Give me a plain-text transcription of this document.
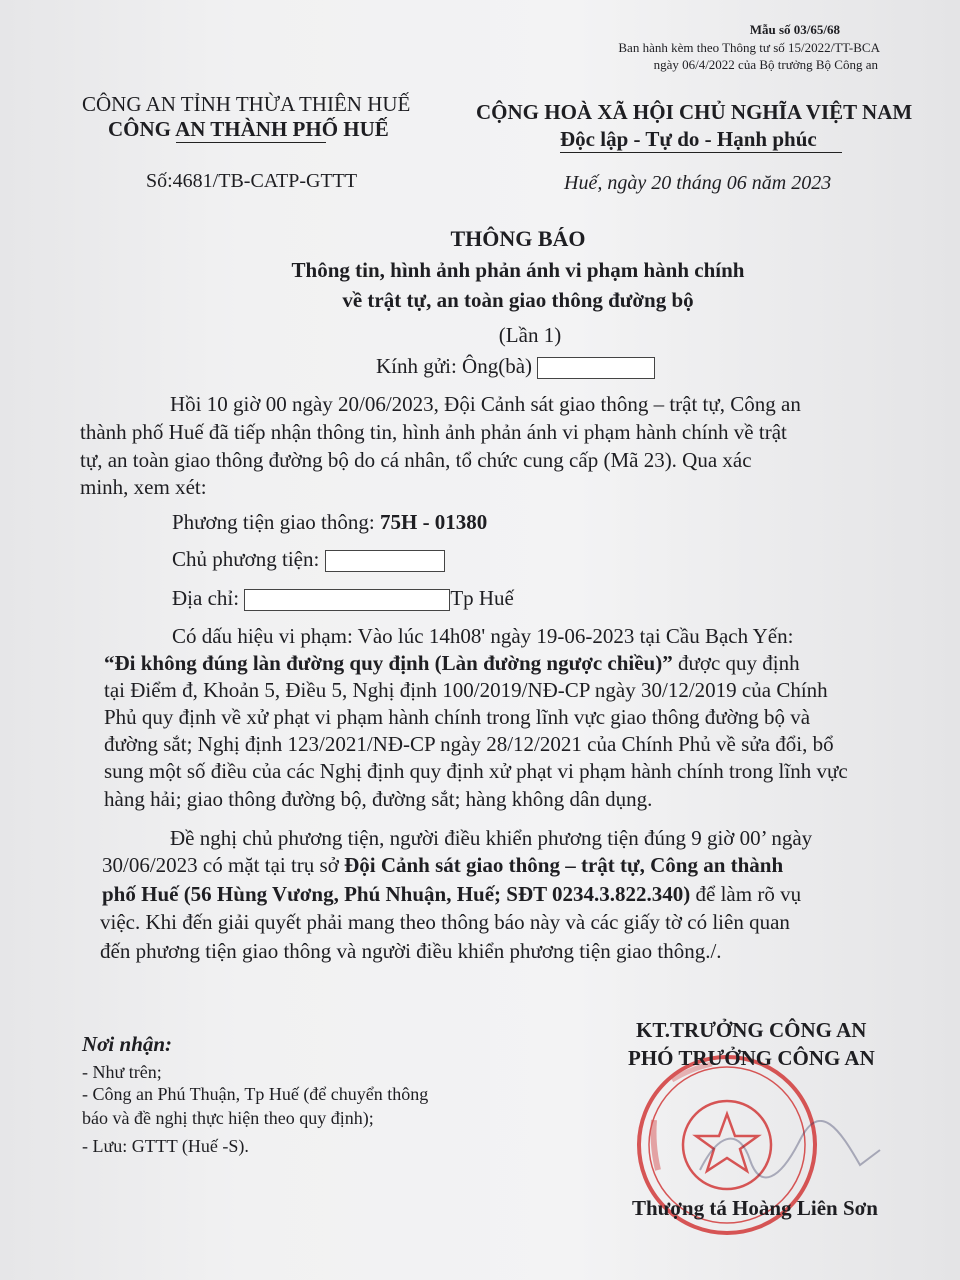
Mẫu số 03/65/68
Ban hành kèm theo Thông tư số 15/2022/TT-BCA
ngày 06/4/2022 của Bộ trưởng Bộ Công an
CÔNG AN TỈNH THỪA THIÊN HUẾ
CÔNG AN THÀNH PHỐ HUẾ
Số:4681/TB-CATP-GTTT
CỘNG HOÀ XÃ HỘI CHỦ NGHĨA VIỆT NAM
Độc lập - Tự do - Hạnh phúc
Huế, ngày 20 tháng 06 năm 2023
THÔNG BÁO
Thông tin, hình ảnh phản ánh vi phạm hành chính
về trật tự, an toàn giao thông đường bộ
(Lần 1)
Kính gửi: Ông(bà)
Hồi 10 giờ 00 ngày 20/06/2023, Đội Cảnh sát giao thông – trật tự, Công an
thành phố Huế đã tiếp nhận thông tin, hình ảnh phản ánh vi phạm hành chính về trật
tự, an toàn giao thông đường bộ do cá nhân, tổ chức cung cấp (Mã 23). Qua xác
minh, xem xét:
Phương tiện giao thông: 75H - 01380
Chủ phương tiện:
Địa chỉ:	Tp Huế
Có dấu hiệu vi phạm: Vào lúc 14h08' ngày 19-06-2023 tại Cầu Bạch Yến:
“Đi không đúng làn đường quy định (Làn đường ngược chiều)” được quy định
tại Điểm đ, Khoản 5, Điều 5, Nghị định 100/2019/NĐ-CP ngày 30/12/2019 của Chính
Phủ quy định về xử phạt vi phạm hành chính trong lĩnh vực giao thông đường bộ và
đường sắt; Nghị định 123/2021/NĐ-CP ngày 28/12/2021 của Chính Phủ về sửa đổi, bổ
sung một số điều của các Nghị định quy định xử phạt vi phạm hành chính trong lĩnh vực
hàng hải; giao thông đường bộ, đường sắt; hàng không dân dụng.
Đề nghị chủ phương tiện, người điều khiển phương tiện đúng 9 giờ 00’ ngày
30/06/2023 có mặt tại trụ sở Đội Cảnh sát giao thông – trật tự, Công an thành
phố Huế (56 Hùng Vương, Phú Nhuận, Huế; SĐT 0234.3.822.340) để làm rõ vụ
việc. Khi đến giải quyết phải mang theo thông báo này và các giấy tờ có liên quan
đến phương tiện giao thông và người điều khiển phương tiện giao thông./.
Nơi nhận:
- Như trên;
- Công an Phú Thuận, Tp Huế (để chuyển thông
báo và đề nghị thực hiện theo quy định);
- Lưu: GTTT (Huế -S).
KT.TRƯỞNG CÔNG AN
PHÓ TRƯỞNG CÔNG AN
Thượng tá Hoàng Liên Sơn
